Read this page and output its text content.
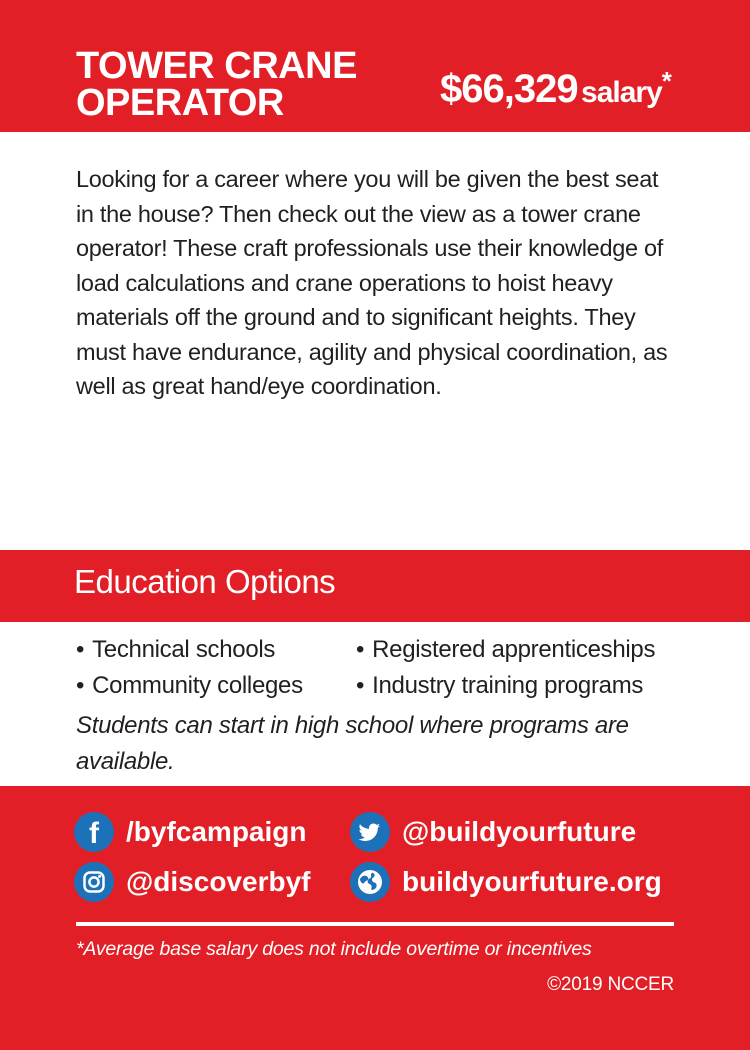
TOWER CRANE
OPERATOR	$66,329 salary*
Looking for a career where you will be given the best seat in the house? Then check out the view as a tower crane operator! These craft professionals use their knowledge of load calculations and crane operations to hoist heavy materials off the ground and to significant heights. They must have endurance, agility and physical coordination, as well as great hand/eye coordination.
Education Options
• Technical schools
• Community colleges
• Registered apprenticeships
• Industry training programs
Students can start in high school where programs are available.
f /byfcampaign	@buildyourfuture
@discoverbyf	buildyourfuture.org
*Average base salary does not include overtime or incentives
©2019 NCCER
